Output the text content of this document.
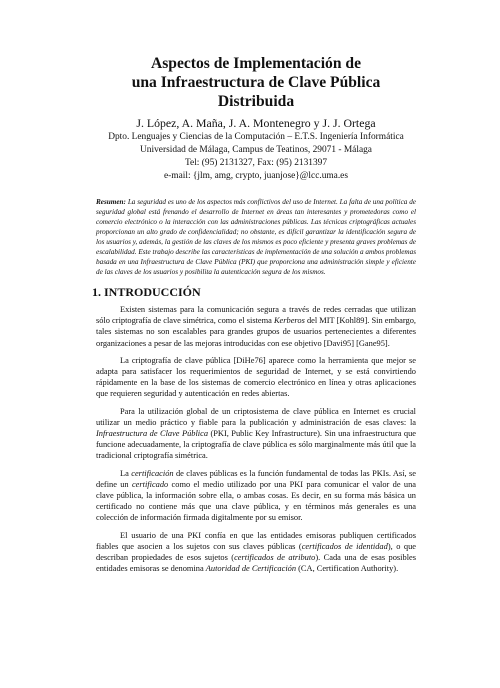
Aspectos de Implementación de
una Infraestructura de Clave Pública Distribuida
J. López, A. Maña, J. A. Montenegro y J. J. Ortega
Dpto. Lenguajes y Ciencias de la Computación – E.T.S. Ingeniería Informática
Universidad de Málaga, Campus de Teatinos, 29071 - Málaga
Tel: (95) 2131327, Fax: (95) 2131397
e-mail: {jlm, amg, crypto, juanjose}@lcc.uma.es
Resumen: La seguridad es uno de los aspectos más conflictivos del uso de Internet. La falta de una política de seguridad global está frenando el desarrollo de Internet en áreas tan interesantes y prometedoras como el comercio electrónico o la interacción con las administraciones públicas. Las técnicas criptográficas actuales proporcionan un alto grado de confidencialidad; no obstante, es difícil garantizar la identificación segura de los usuarios y, además, la gestión de las claves de los mismos es poco eficiente y presenta graves problemas de escalabilidad. Este trabajo describe las características de implementación de una solución a ambos problemas basada en una Infraestructura de Clave Pública (PKI) que proporciona una administración simple y eficiente de las claves de los usuarios y posibilita la autenticación segura de los mismos.
1. INTRODUCCIÓN

Existen sistemas para la comunicación segura a través de redes cerradas que utilizan sólo criptografía de clave simétrica, como el sistema Kerberos del MIT [Kohl89]. Sin embargo, tales sistemas no son escalables para grandes grupos de usuarios pertenecientes a diferentes organizaciones a pesar de las mejoras introducidas con ese objetivo [Davi95] [Gane95].

La criptografía de clave pública [DiHe76] aparece como la herramienta que mejor se adapta para satisfacer los requerimientos de seguridad de Internet, y se está convirtiendo rápidamente en la base de los sistemas de comercio electrónico en línea y otras aplicaciones que requieren seguridad y autenticación en redes abiertas.

Para la utilización global de un criptosistema de clave pública en Internet es crucial utilizar un medio práctico y fiable para la publicación y administración de esas claves: la Infraestructura de Clave Pública (PKI, Public Key Infrastructure). Sin una infraestructura que funcione adecuadamente, la criptografía de clave pública es sólo marginalmente más útil que la tradicional criptografía simétrica.

La certificación de claves públicas es la función fundamental de todas las PKIs. Así, se define un certificado como el medio utilizado por una PKI para comunicar el valor de una clave pública, la información sobre ella, o ambas cosas. Es decir, en su forma más básica un certificado no contiene más que una clave pública, y en términos más generales es una colección de información firmada digitalmente por su emisor.

El usuario de una PKI confía en que las entidades emisoras publiquen certificados fiables que asocien a los sujetos con sus claves públicas (certificados de identidad), o que describan propiedades de esos sujetos (certificados de atributo). Cada una de esas posibles entidades emisoras se denomina Autoridad de Certificación (CA, Certification Authority).
